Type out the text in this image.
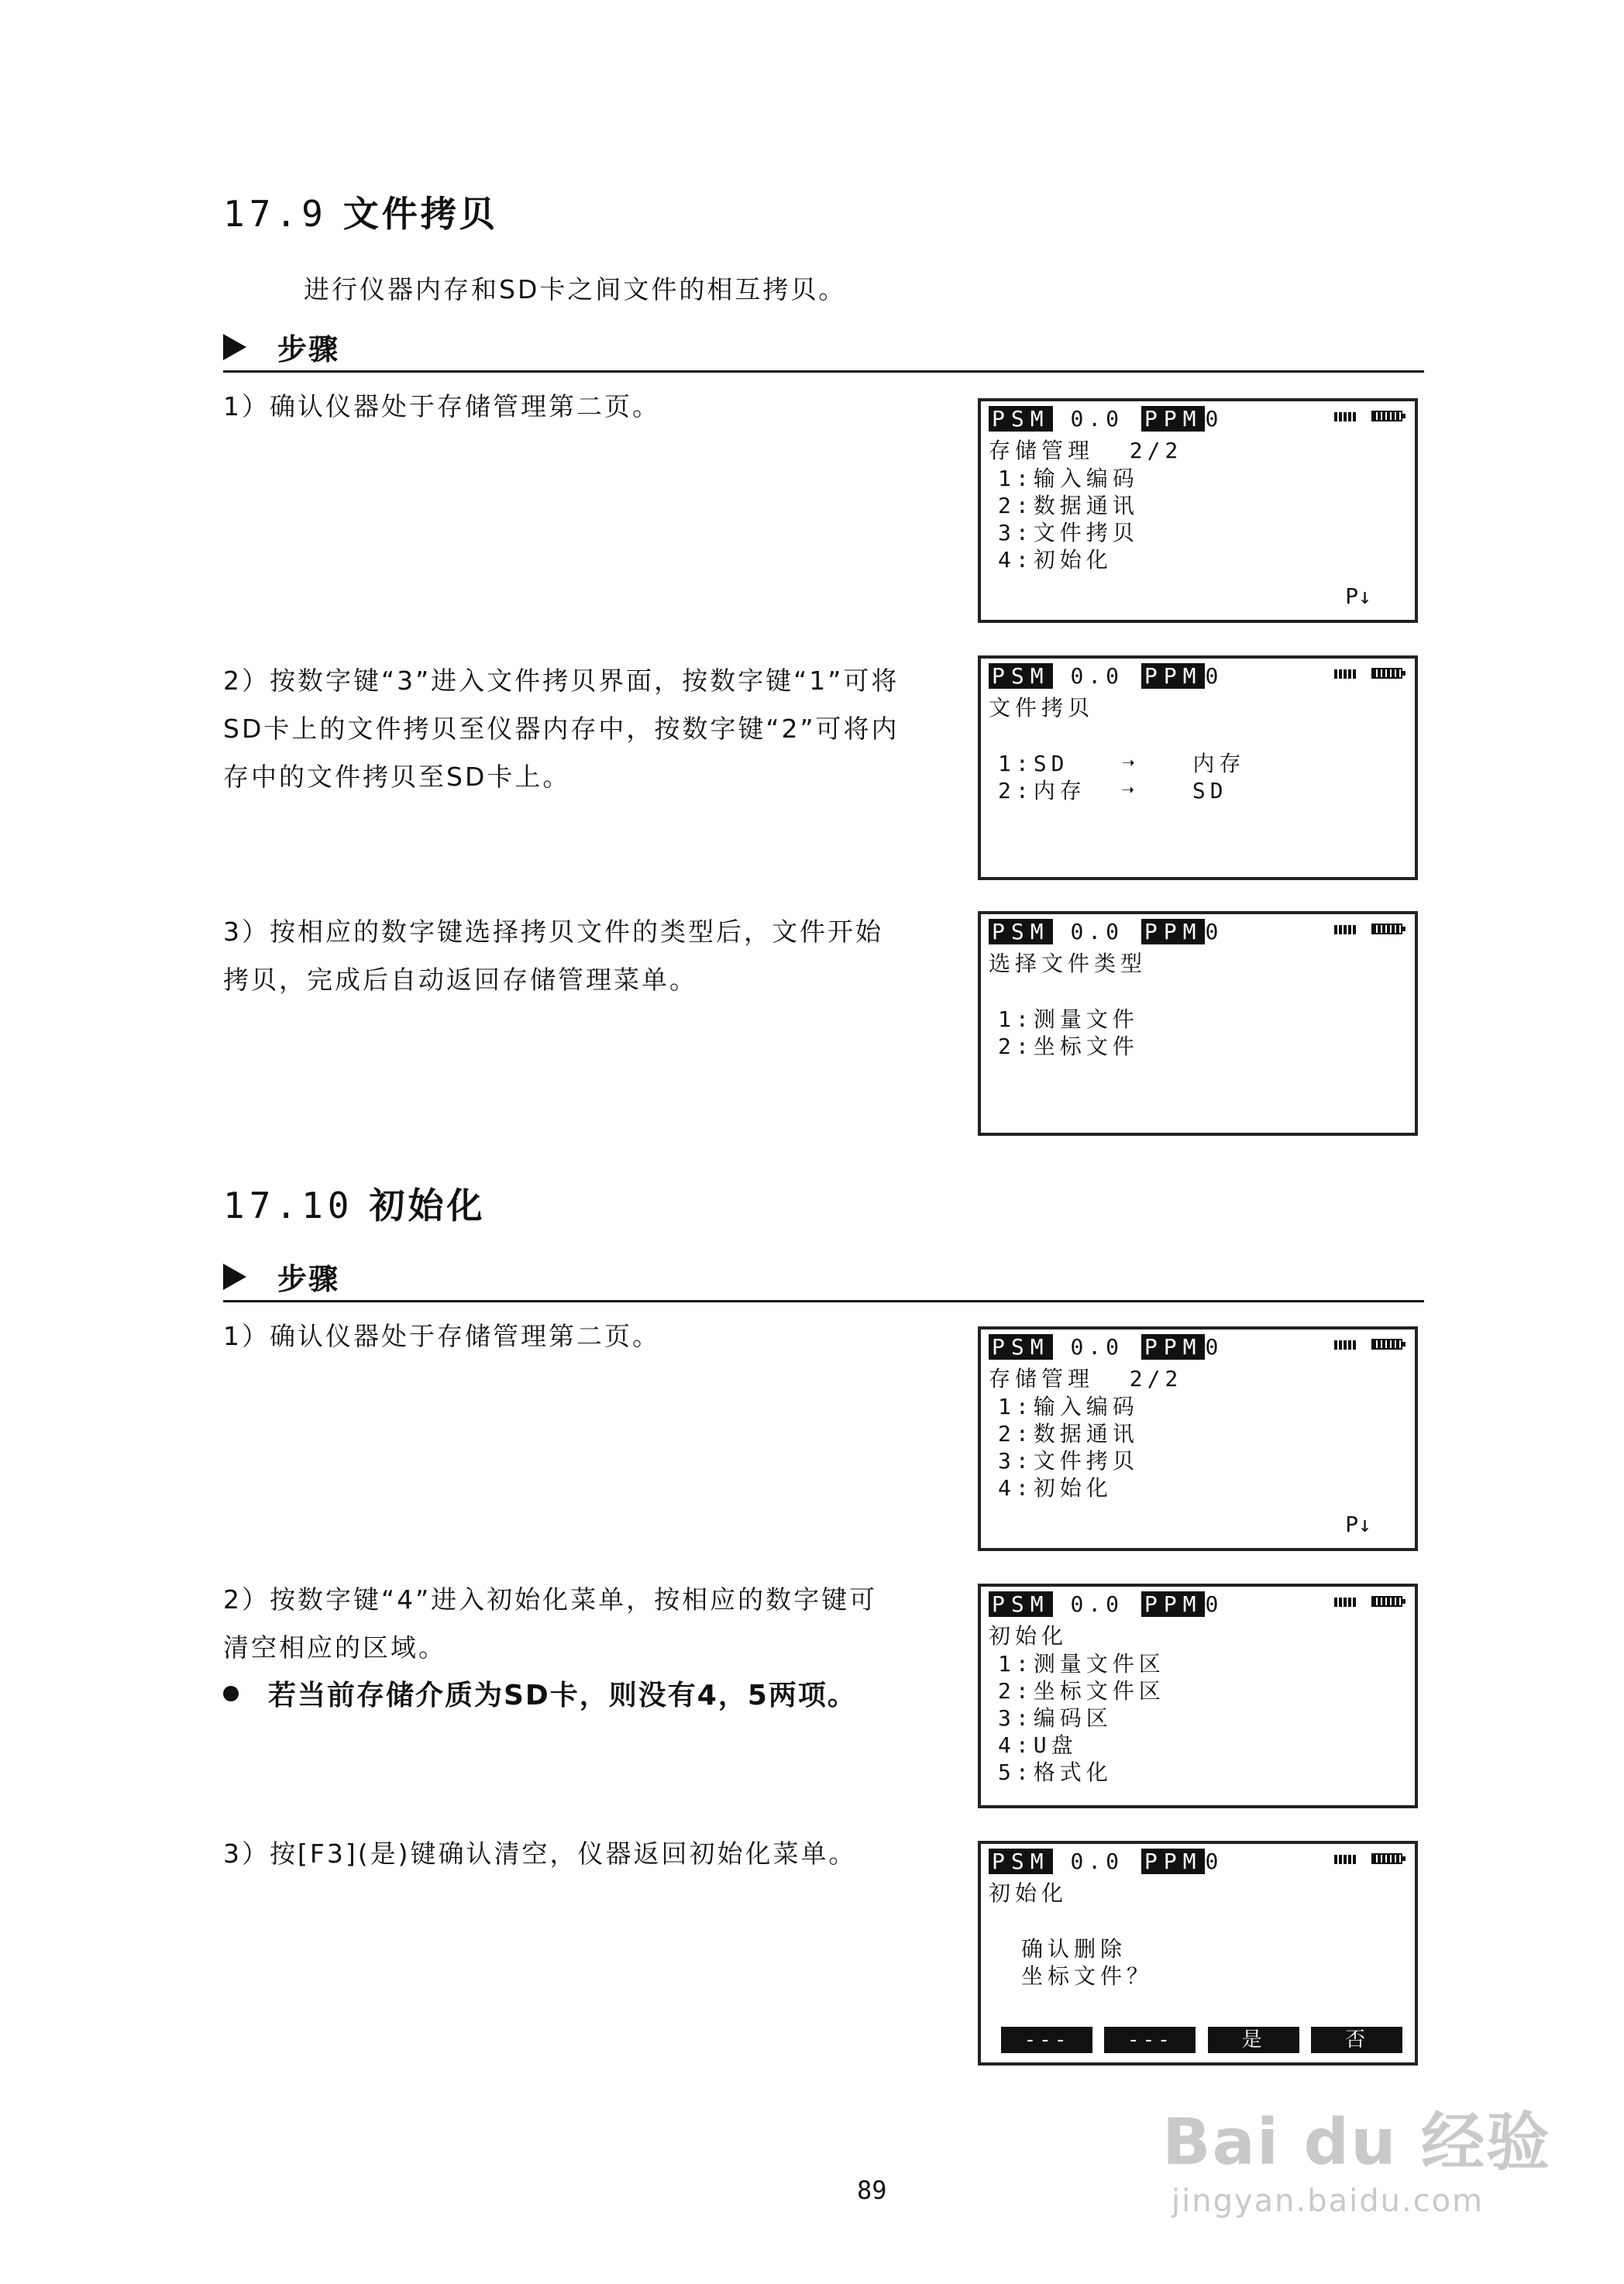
17.9 文件拷贝
进行仪器内存和SD卡之间文件的相互拷贝。
步骤
1）确认仪器处于存储管理第二页。
2）按数字键“3”进入文件拷贝界面，按数字键“1”可将SD卡上的文件拷贝至仪器内存中，按数字键“2”可将内存中的文件拷贝至SD卡上。
3）按相应的数字键选择拷贝文件的类型后，文件开始拷贝，完成后自动返回存储管理菜单。
PSM 0.0 PPM 0
存储管理  2/2
1:输入编码
2:数据通讯
3:文件拷贝
4:初始化
P↓
PSM 0.0 PPM 0
文件拷贝
1:SD   ➝   内存
2:内存  ➝   SD
PSM 0.0 PPM 0
选择文件类型
1:测量文件
2:坐标文件
17.10 初始化
步骤
1）确认仪器处于存储管理第二页。
2）按数字键“4”进入初始化菜单，按相应的数字键可清空相应的区域。
若当前存储介质为SD卡，则没有4，5两项。
3）按[F3](是)键确认清空，仪器返回初始化菜单。
PSM 0.0 PPM 0
存储管理  2/2
1:输入编码
2:数据通讯
3:文件拷贝
4:初始化
P↓
PSM 0.0 PPM 0
初始化
1:测量文件区
2:坐标文件区
3:编码区
4:U盘
5:格式化
PSM 0.0 PPM 0
初始化
确认删除
坐标文件？
---	---	是	否
89
Bai du 经验
jingyan.baidu.com
